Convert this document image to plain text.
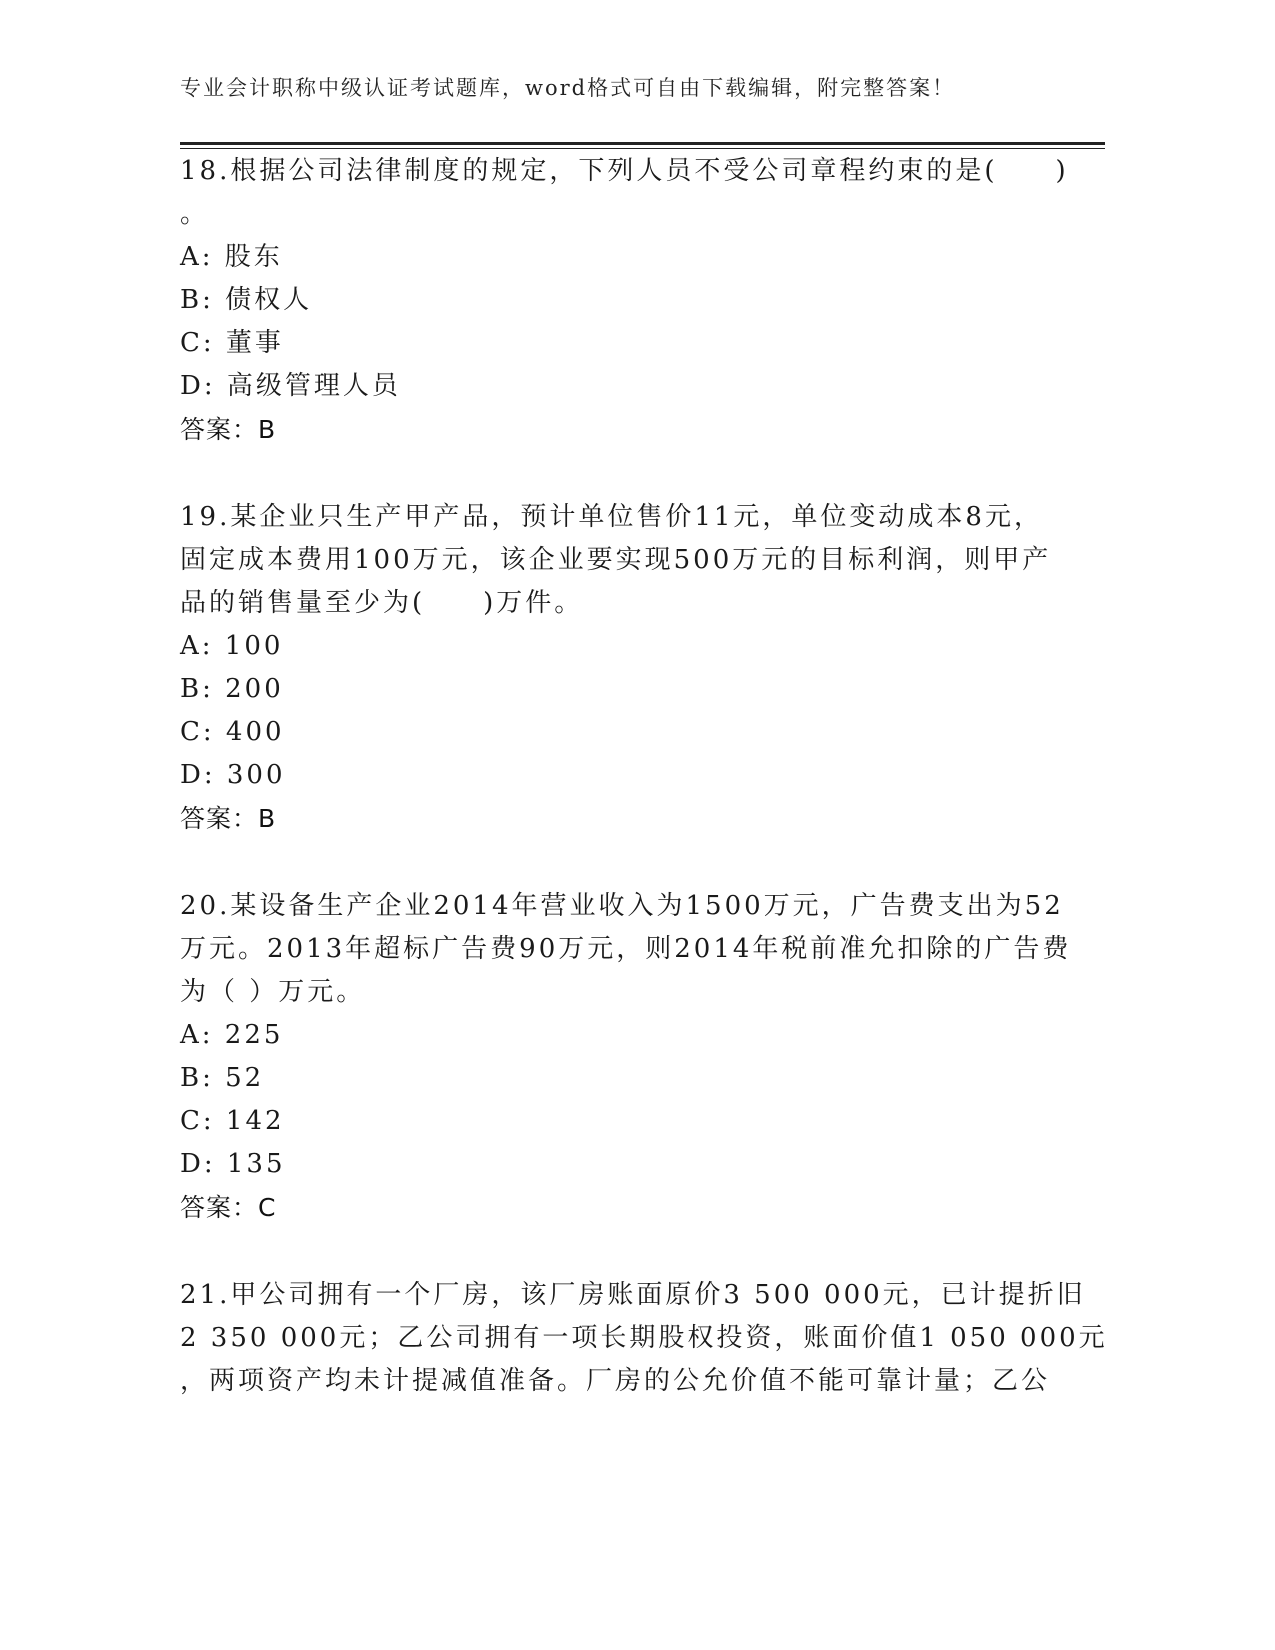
专业会计职称中级认证考试题库，word格式可自由下载编辑，附完整答案！
18.根据公司法律制度的规定，下列人员不受公司章程约束的是(　　)
。
A: 股东
B: 债权人
C: 董事
D: 高级管理人员
答案：B
19.某企业只生产甲产品，预计单位售价11元，单位变动成本8元，
固定成本费用100万元，该企业要实现500万元的目标利润，则甲产
品的销售量至少为(　　)万件。
A: 100
B: 200
C: 400
D: 300
答案：B
20.某设备生产企业2014年营业收入为1500万元，广告费支出为52
万元。2013年超标广告费90万元，则2014年税前准允扣除的广告费
为（ ）万元。
A: 225
B: 52
C: 142
D: 135
答案：C
21.甲公司拥有一个厂房，该厂房账面原价3 500 000元，已计提折旧
2 350 000元；乙公司拥有一项长期股权投资，账面价值1 050 000元
，两项资产均未计提减值准备。厂房的公允价值不能可靠计量；乙公
